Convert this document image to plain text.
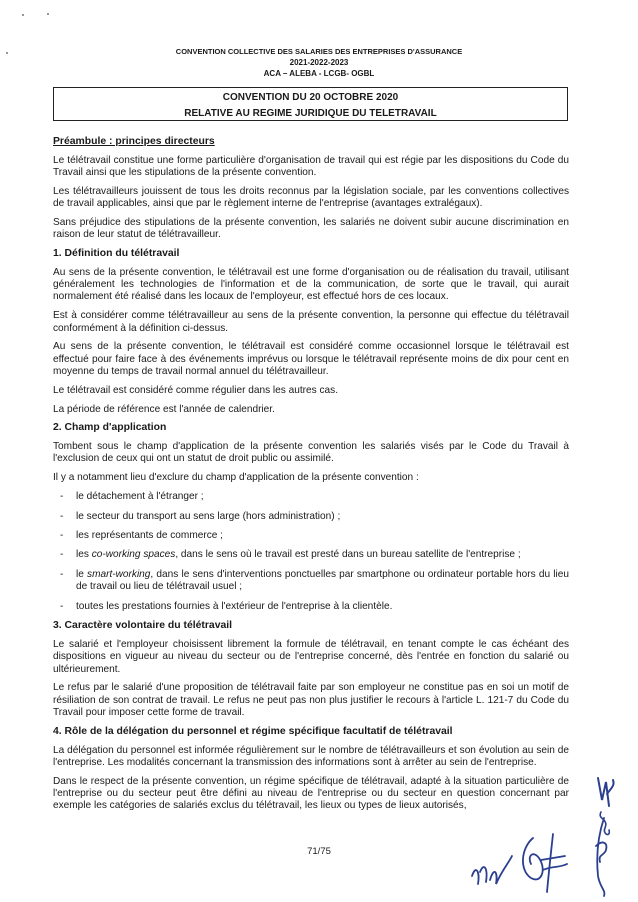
CONVENTION COLLECTIVE DES SALARIES DES ENTREPRISES D'ASSURANCE
2021-2022-2023
ACA – ALEBA - LCGB- OGBL
CONVENTION DU 20 OCTOBRE 2020
RELATIVE AU REGIME JURIDIQUE DU TELETRAVAIL
Préambule : principes directeurs

Le télétravail constitue une forme particulière d'organisation de travail qui est régie par les dispositions du Code du Travail ainsi que les stipulations de la présente convention.

Les télétravailleurs jouissent de tous les droits reconnus par la législation sociale, par les conventions collectives de travail applicables, ainsi que par le règlement interne de l'entreprise (avantages extralégaux).

Sans préjudice des stipulations de la présente convention, les salariés ne doivent subir aucune discrimination en raison de leur statut de télétravailleur.

1. Définition du télétravail

Au sens de la présente convention, le télétravail est une forme d'organisation ou de réalisation du travail, utilisant généralement les technologies de l'information et de la communication, de sorte que le travail, qui aurait normalement été réalisé dans les locaux de l'employeur, est effectué hors de ces locaux.

Est à considérer comme télétravailleur au sens de la présente convention, la personne qui effectue du télétravail conformément à la définition ci-dessus.

Au sens de la présente convention, le télétravail est considéré comme occasionnel lorsque le télétravail est effectué pour faire face à des événements imprévus ou lorsque le télétravail représente moins de dix pour cent en moyenne du temps de travail normal annuel du télétravailleur.

Le télétravail est considéré comme régulier dans les autres cas.

La période de référence est l'année de calendrier.

2. Champ d'application

Tombent sous le champ d'application de la présente convention les salariés visés par le Code du Travail à l'exclusion de ceux qui ont un statut de droit public ou assimilé.

Il y a notamment lieu d'exclure du champ d'application de la présente convention :

- le détachement à l'étranger ;
- le secteur du transport au sens large (hors administration) ;
- les représentants de commerce ;
- les co-working spaces, dans le sens où le travail est presté dans un bureau satellite de l'entreprise ;
- le smart-working, dans le sens d'interventions ponctuelles par smartphone ou ordinateur portable hors du lieu de travail ou lieu de télétravail usuel ;
- toutes les prestations fournies à l'extérieur de l'entreprise à la clientèle.
3. Caractère volontaire du télétravail

Le salarié et l'employeur choisissent librement la formule de télétravail, en tenant compte le cas échéant des dispositions en vigueur au niveau du secteur ou de l'entreprise concerné, dès l'entrée en fonction du salarié ou ultérieurement.

Le refus par le salarié d'une proposition de télétravail faite par son employeur ne constitue pas en soi un motif de résiliation de son contrat de travail. Le refus ne peut pas non plus justifier le recours à l'article L. 121-7 du Code du Travail pour imposer cette forme de travail.

4. Rôle de la délégation du personnel et régime spécifique facultatif de télétravail

La délégation du personnel est informée régulièrement sur le nombre de télétravailleurs et son évolution au sein de l'entreprise. Les modalités concernant la transmission des informations sont à arrêter au sein de l'entreprise.

Dans le respect de la présente convention, un régime spécifique de télétravail, adapté à la situation particulière de l'entreprise ou du secteur peut être défini au niveau de l'entreprise ou du secteur en question concernant par exemple les catégories de salariés exclus du télétravail, les lieux ou types de lieux autorisés,

71/75
